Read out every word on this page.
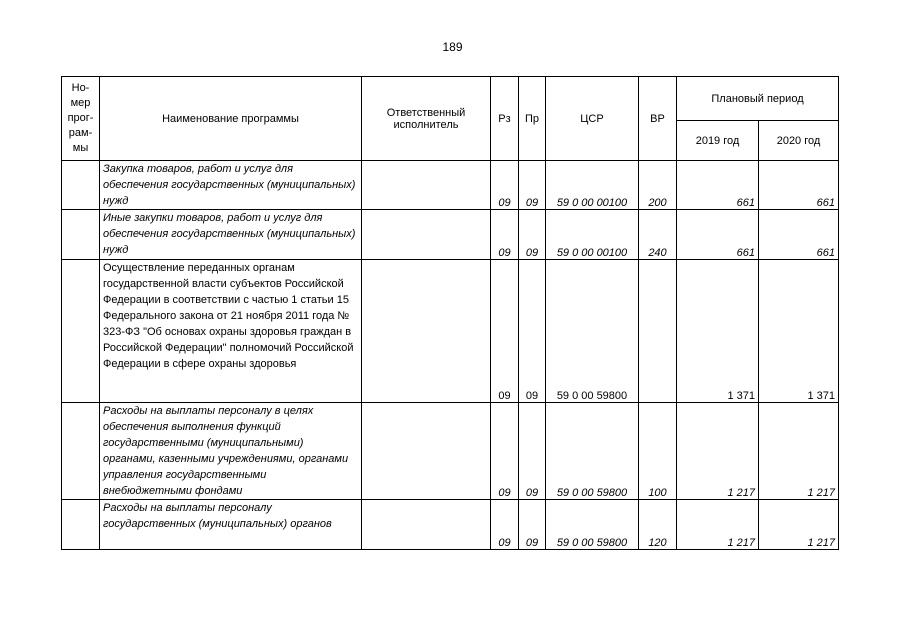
189
Но-мер прог-рам-мы	Наименование программы	Ответственный исполнитель	Рз	Пр	ЦСР	ВР	Плановый период	
							2019 год	2020 год
	Закупка товаров, работ и услуг для обеспечения государственных (муниципальных) нужд		09	09	59 0 00 00100	200	661	661
	Иные закупки товаров, работ и услуг для обеспечения государственных (муниципальных) нужд		09	09	59 0 00 00100	240	661	661
	Осуществление переданных органам государственной власти субъектов Российской Федерации в соответствии с частью 1 статьи 15 Федерального закона от 21 ноября 2011 года № 323-ФЗ "Об основах охраны здоровья граждан в Российской Федерации" полномочий Российской Федерации в сфере охраны здоровья		09	09	59 0 00 59800		1 371	1 371
	Расходы на выплаты персоналу в целях обеспечения выполнения функций государственными (муниципальными) органами, казенными учреждениями, органами управления государственными внебюджетными фондами		09	09	59 0 00 59800	100	1 217	1 217
	Расходы на выплаты персоналу государственных (муниципальных) органов		09	09	59 0 00 59800	120	1 217	1 217
